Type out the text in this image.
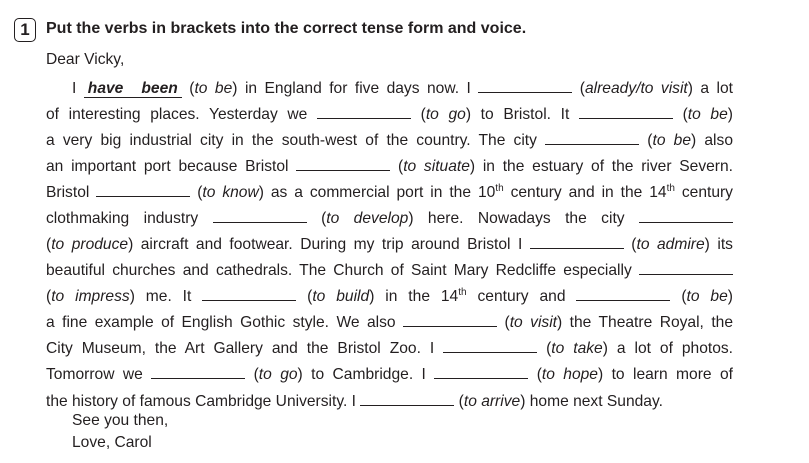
1	Put the verbs in brackets into the correct tense form and voice.
Dear Vicky,
I have been (to be) in England for five days now. I	(already/to visit) a lot
of interesting places. Yesterday we	(to go) to Bristol. It	(to be)
a very big industrial city in the south-west of the country. The city	(to be) also
an important port because Bristol	(to situate) in the estuary of the river Severn.
Bristol	(to know) as a commercial port in the 10th century and in the 14th century
clothmaking industry	(to develop) here. Nowadays the city
(to produce) aircraft and footwear. During my trip around Bristol I	(to admire) its
beautiful churches and cathedrals. The Church of Saint Mary Redcliffe especially
(to impress) me. It	(to build) in the 14th century and	(to be)
a fine example of English Gothic style. We also	(to visit) the Theatre Royal, the
City Museum, the Art Gallery and the Bristol Zoo. I	(to take) a lot of photos.
Tomorrow we	(to go) to Cambridge. I	(to hope) to learn more of
the history of famous Cambridge University. I	(to arrive) home next Sunday.
See you then,
Love, Carol
